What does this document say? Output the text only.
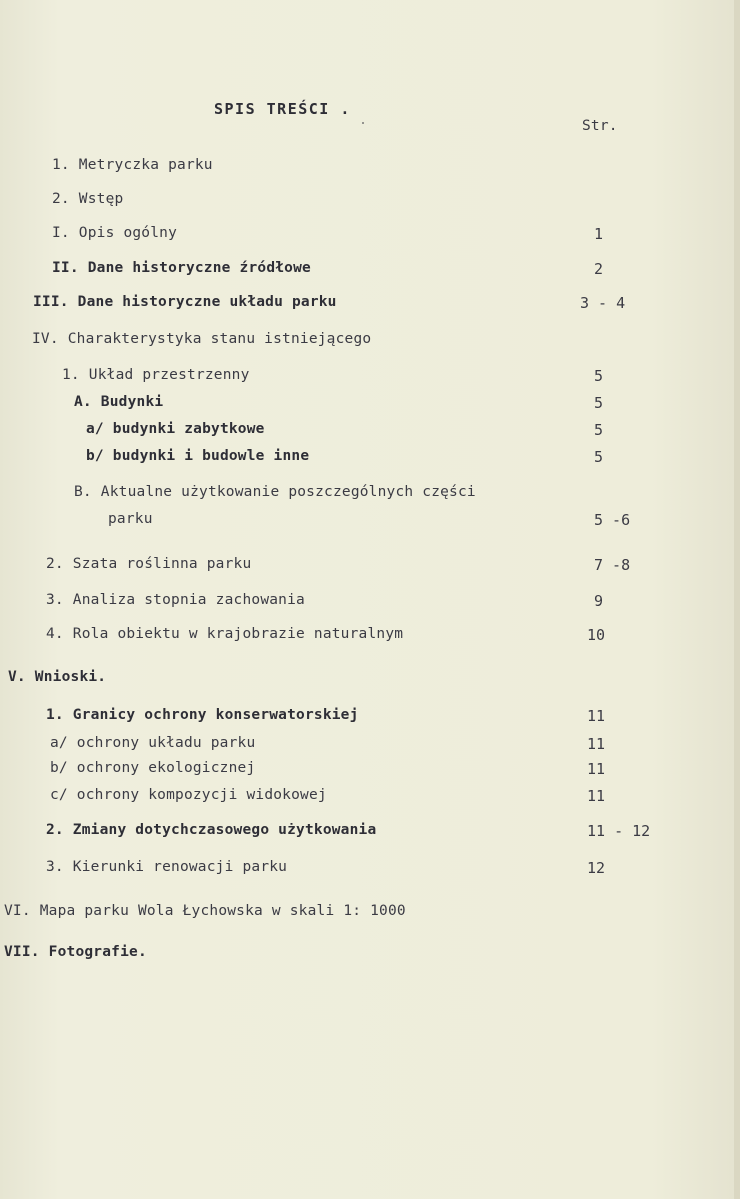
SPIS TREŚCI .
Str.
1. Metryczka parku
2. Wstęp
I. Opis ogólny	1
II. Dane historyczne źródłowe	2
III. Dane historyczne układu parku	3 - 4
IV. Charakterystyka stanu istniejącego
1. Układ przestrzenny	5
A. Budynki	5
a/ budynki zabytkowe	5
b/ budynki i budowle inne	5
B. Aktualne użytkowanie poszczególnych części
parku	5 -6
2. Szata roślinna parku	7 -8
3. Analiza stopnia zachowania	9
4. Rola obiektu w krajobrazie naturalnym	10
V. Wnioski.
1. Granicy ochrony konserwatorskiej	11
a/ ochrony układu parku	11
b/ ochrony ekologicznej	11
c/ ochrony kompozycji widokowej	11
2. Zmiany dotychczasowego użytkowania	11 - 12
3. Kierunki renowacji parku	12
VI. Mapa parku Wola Łychowska w skali 1: 1000
VII. Fotografie.
